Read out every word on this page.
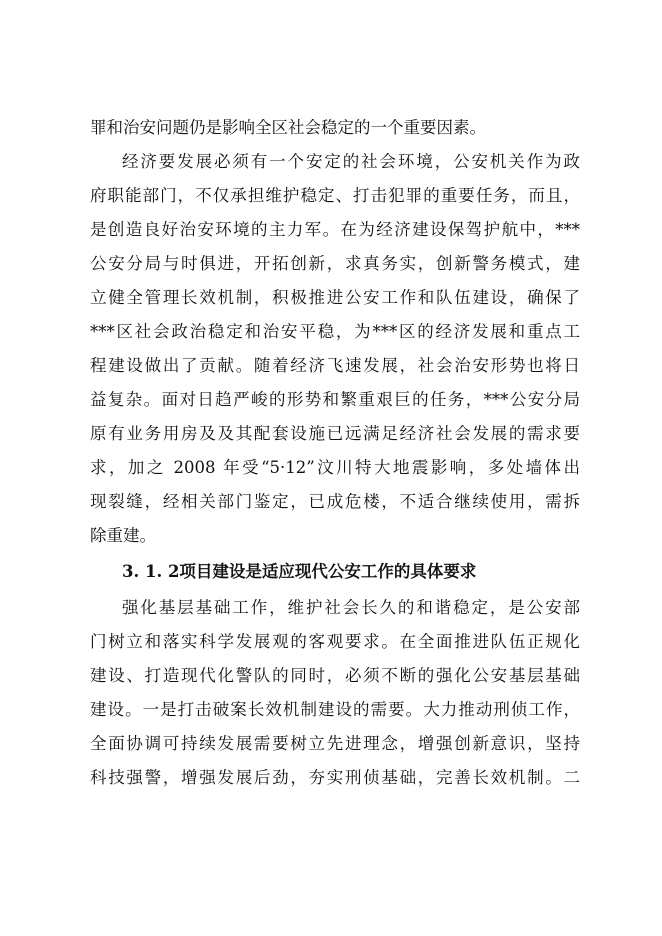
罪和治安问题仍是影响全区社会稳定的一个重要因素。
经济要发展必须有一个安定的社会环境，公安机关作为政
府职能部门，不仅承担维护稳定、打击犯罪的重要任务，而且，
是创造良好治安环境的主力军。在为经济建设保驾护航中，***
公安分局与时俱进，开拓创新，求真务实，创新警务模式，建
立健全管理长效机制，积极推进公安工作和队伍建设，确保了
***区社会政治稳定和治安平稳，为***区的经济发展和重点工
程建设做出了贡献。随着经济飞速发展，社会治安形势也将日
益复杂。面对日趋严峻的形势和繁重艰巨的任务，***公安分局
原有业务用房及及其配套设施已远满足经济社会发展的需求要
求，加之 2008 年受“5·12”汶川特大地震影响，多处墙体出
现裂缝，经相关部门鉴定，已成危楼，不适合继续使用，需拆
除重建。
3. 1. 2项目建设是适应现代公安工作的具体要求
强化基层基础工作，维护社会长久的和谐稳定，是公安部
门树立和落实科学发展观的客观要求。在全面推进队伍正规化
建设、打造现代化警队的同时，必须不断的强化公安基层基础
建设。一是打击破案长效机制建设的需要。大力推动刑侦工作，
全面协调可持续发展需要树立先进理念，增强创新意识，坚持
科技强警，增强发展后劲，夯实刑侦基础，完善长效机制。二
